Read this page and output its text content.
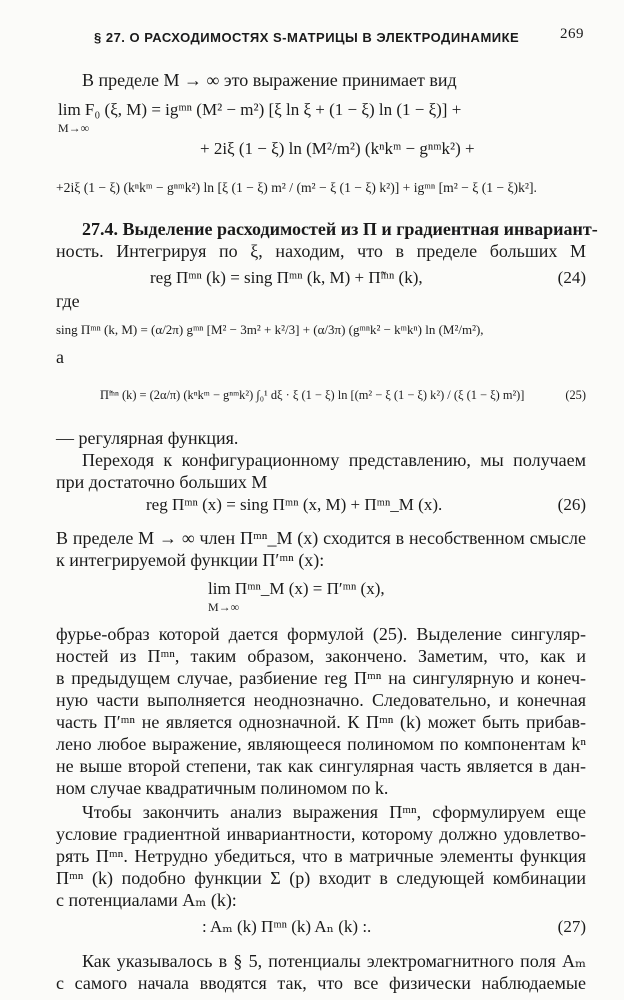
§ 27. О РАСХОДИМОСТЯХ S-МАТРИЦЫ В ЭЛЕКТРОДИНАМИКЕ	269
В пределе M → ∞ это выражение принимает вид
lim F₀ (ξ, M) = igᵐⁿ (M² − m²) [ξ ln ξ + (1 − ξ) ln (1 − ξ)] +
M→∞
+ 2iξ (1 − ξ) ln (M²/m²) (kⁿkᵐ − gⁿᵐk²) +
+2iξ (1 − ξ) (kⁿkᵐ − gⁿᵐk²) ln [ξ (1 − ξ) m² / (m² − ξ (1 − ξ) k²)] + igᵐⁿ [m² − ξ (1 − ξ)k²].
27.4. Выделение расходимостей из П и градиентная инвариант-
ность. Интегрируя по ξ, находим, что в пределе больших M
reg Пᵐⁿ (k) = sing Пᵐⁿ (k, M) + П̃ᵐⁿ (k),	(24)
где
sing Пᵐⁿ (k, M) = (α/2π) gᵐⁿ [M² − 3m² + k²/3] + (α/3π) (gᵐⁿk² − kᵐkⁿ) ln (M²/m²),
а
П̃ᵐⁿ (k) = (2α/π) (kⁿkᵐ − gⁿᵐk²) ∫₀¹ dξ · ξ (1 − ξ) ln [(m² − ξ (1 − ξ) k²) / (ξ (1 − ξ) m²)]	(25)
— регулярная функция.
Переходя к конфигурационному представлению, мы получаем
при достаточно больших M
reg Пᵐⁿ (x) = sing Пᵐⁿ (x, M) + Пᵐⁿ_M (x).	(26)
В пределе M → ∞ член Пᵐⁿ_M (x) сходится в несобственном смысле
к интегрируемой функции П′ᵐⁿ (x):
lim Пᵐⁿ_M (x) = П′ᵐⁿ (x),
M→∞
фурье-образ которой дается формулой (25). Выделение сингуляр-
ностей из Пᵐⁿ, таким образом, закончено. Заметим, что, как и
в предыдущем случае, разбиение reg Пᵐⁿ на сингулярную и конеч-
ную части выполняется неоднозначно. Следовательно, и конечная
часть П′ᵐⁿ не является однозначной. К Пᵐⁿ (k) может быть прибав-
лено любое выражение, являющееся полиномом по компонентам kⁿ
не выше второй степени, так как сингулярная часть является в дан-
ном случае квадратичным полиномом по k.
Чтобы закончить анализ выражения Пᵐⁿ, сформулируем еще
условие градиентной инвариантности, которому должно удовлетво-
рять Пᵐⁿ. Нетрудно убедиться, что в матричные элементы функция
Пᵐⁿ (k) подобно функции Σ (p) входит в следующей комбинации
с потенциалами Aₘ (k):
: Aₘ (k) Пᵐⁿ (k) Aₙ (k) :.	(27)
Как указывалось в § 5, потенциалы электромагнитного поля Aₘ
с самого начала вводятся так, что все физически наблюдаемые
